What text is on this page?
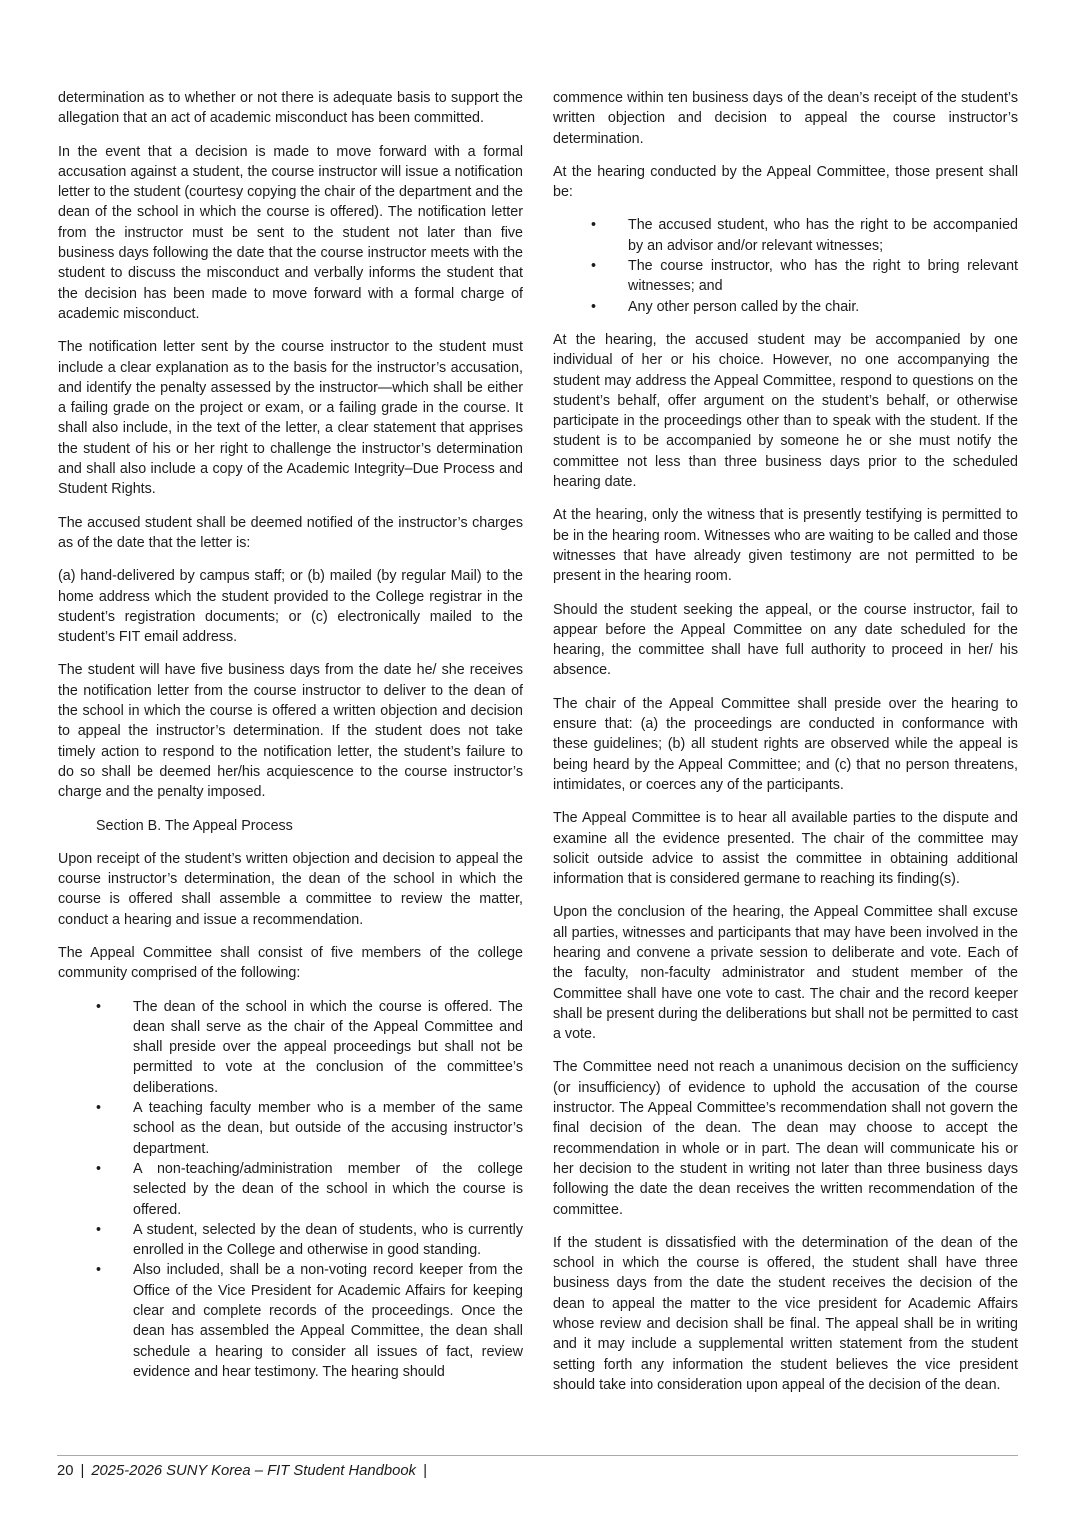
determination as to whether or not there is adequate basis to support the allegation that an act of academic misconduct has been committed.

In the event that a decision is made to move forward with a formal accusation against a student, the course instructor will issue a notification letter to the student (courtesy copying the chair of the department and the dean of the school in which the course is offered). The notification letter from the instructor must be sent to the student not later than five business days following the date that the course instructor meets with the student to discuss the misconduct and verbally informs the student that the decision has been made to move forward with a formal charge of academic misconduct.

The notification letter sent by the course instructor to the student must include a clear explanation as to the basis for the instructor’s accusation, and identify the penalty assessed by the instructor—which shall be either a failing grade on the project or exam, or a failing grade in the course. It shall also include, in the text of the letter, a clear statement that apprises the student of his or her right to challenge the instructor’s determination and shall also include a copy of the Academic Integrity–Due Process and Student Rights.

The accused student shall be deemed notified of the instructor’s charges as of the date that the letter is:

(a) hand-delivered by campus staff; or (b) mailed (by regular Mail) to the home address which the student provided to the College registrar in the student’s registration documents; or (c) electronically mailed to the student’s FIT email address.

The student will have five business days from the date he/ she receives the notification letter from the course instructor to deliver to the dean of the school in which the course is offered a written objection and decision to appeal the instructor’s determination. If the student does not take timely action to respond to the notification letter, the student’s failure to do so shall be deemed her/his acquiescence to the course instructor’s charge and the penalty imposed.

Section B. The Appeal Process

Upon receipt of the student’s written objection and decision to appeal the course instructor’s determination, the dean of the school in which the course is offered shall assemble a committee to review the matter, conduct a hearing and issue a recommendation.

The Appeal Committee shall consist of five members of the college community comprised of the following:

• The dean of the school in which the course is offered. The dean shall serve as the chair of the Appeal Committee and shall preside over the appeal proceedings but shall not be permitted to vote at the conclusion of the committee’s deliberations.
• A teaching faculty member who is a member of the same school as the dean, but outside of the accusing instructor’s department.
• A non-teaching/administration member of the college selected by the dean of the school in which the course is offered.
• A student, selected by the dean of students, who is currently enrolled in the College and otherwise in good standing.
• Also included, shall be a non-voting record keeper from the Office of the Vice President for Academic Affairs for keeping clear and complete records of the proceedings. Once the dean has assembled the Appeal Committee, the dean shall schedule a hearing to consider all issues of fact, review evidence and hear testimony. The hearing should

commence within ten business days of the dean’s receipt of the student’s written objection and decision to appeal the course instructor’s determination.

At the hearing conducted by the Appeal Committee, those present shall be:

• The accused student, who has the right to be accompanied by an advisor and/or relevant witnesses;
• The course instructor, who has the right to bring relevant witnesses; and
• Any other person called by the chair.

At the hearing, the accused student may be accompanied by one individual of her or his choice. However, no one accompanying the student may address the Appeal Committee, respond to questions on the student’s behalf, offer argument on the student’s behalf, or otherwise participate in the proceedings other than to speak with the student. If the student is to be accompanied by someone he or she must notify the committee not less than three business days prior to the scheduled hearing date.

At the hearing, only the witness that is presently testifying is permitted to be in the hearing room. Witnesses who are waiting to be called and those witnesses that have already given testimony are not permitted to be present in the hearing room.

Should the student seeking the appeal, or the course instructor, fail to appear before the Appeal Committee on any date scheduled for the hearing, the committee shall have full authority to proceed in her/ his absence.

The chair of the Appeal Committee shall preside over the hearing to ensure that: (a) the proceedings are conducted in conformance with these guidelines; (b) all student rights are observed while the appeal is being heard by the Appeal Committee; and (c) that no person threatens, intimidates, or coerces any of the participants.

The Appeal Committee is to hear all available parties to the dispute and examine all the evidence presented. The chair of the committee may solicit outside advice to assist the committee in obtaining additional information that is considered germane to reaching its finding(s).

Upon the conclusion of the hearing, the Appeal Committee shall excuse all parties, witnesses and participants that may have been involved in the hearing and convene a private session to deliberate and vote. Each of the faculty, non-faculty administrator and student member of the Committee shall have one vote to cast. The chair and the record keeper shall be present during the deliberations but shall not be permitted to cast a vote.

The Committee need not reach a unanimous decision on the sufficiency (or insufficiency) of evidence to uphold the accusation of the course instructor. The Appeal Committee’s recommendation shall not govern the final decision of the dean. The dean may choose to accept the recommendation in whole or in part. The dean will communicate his or her decision to the student in writing not later than three business days following the date the dean receives the written recommendation of the committee.

If the student is dissatisfied with the determination of the dean of the school in which the course is offered, the student shall have three business days from the date the student receives the decision of the dean to appeal the matter to the vice president for Academic Affairs whose review and decision shall be final. The appeal shall be in writing and it may include a supplemental written statement from the student setting forth any information the student believes the vice president should take into consideration upon appeal of the decision of the dean.

20 | 2025-2026 SUNY Korea – FIT Student Handbook |
